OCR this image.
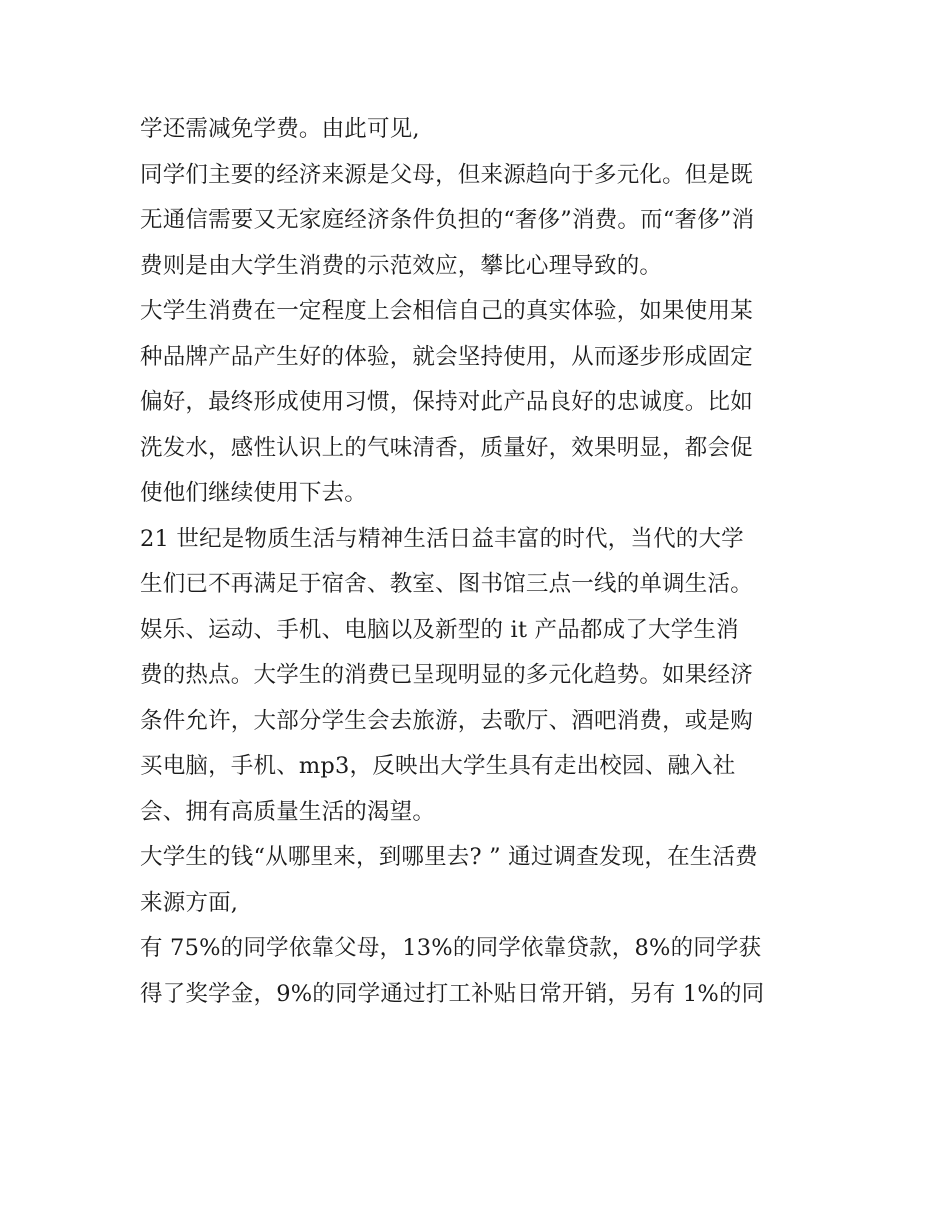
学还需减免学费。由此可见,
同学们主要的经济来源是父母，但来源趋向于多元化。但是既
无通信需要又无家庭经济条件负担的“奢侈”消费。而“奢侈”消
费则是由大学生消费的示范效应，攀比心理导致的。
大学生消费在一定程度上会相信自己的真实体验，如果使用某
种品牌产品产生好的体验，就会坚持使用，从而逐步形成固定
偏好，最终形成使用习惯，保持对此产品良好的忠诚度。比如
洗发水，感性认识上的气味清香，质量好，效果明显，都会促
使他们继续使用下去。
21 世纪是物质生活与精神生活日益丰富的时代，当代的大学
生们已不再满足于宿舍、教室、图书馆三点一线的单调生活。
娱乐、运动、手机、电脑以及新型的 it 产品都成了大学生消
费的热点。大学生的消费已呈现明显的多元化趋势。如果经济
条件允许，大部分学生会去旅游，去歌厅、酒吧消费，或是购
买电脑，手机、mp3，反映出大学生具有走出校园、融入社
会、拥有高质量生活的渴望。
大学生的钱“从哪里来，到哪里去? ” 通过调查发现，在生活费
来源方面,
有 75%的同学依靠父母，13%的同学依靠贷款，8%的同学获
得了奖学金，9%的同学通过打工补贴日常开销，另有 1%的同
